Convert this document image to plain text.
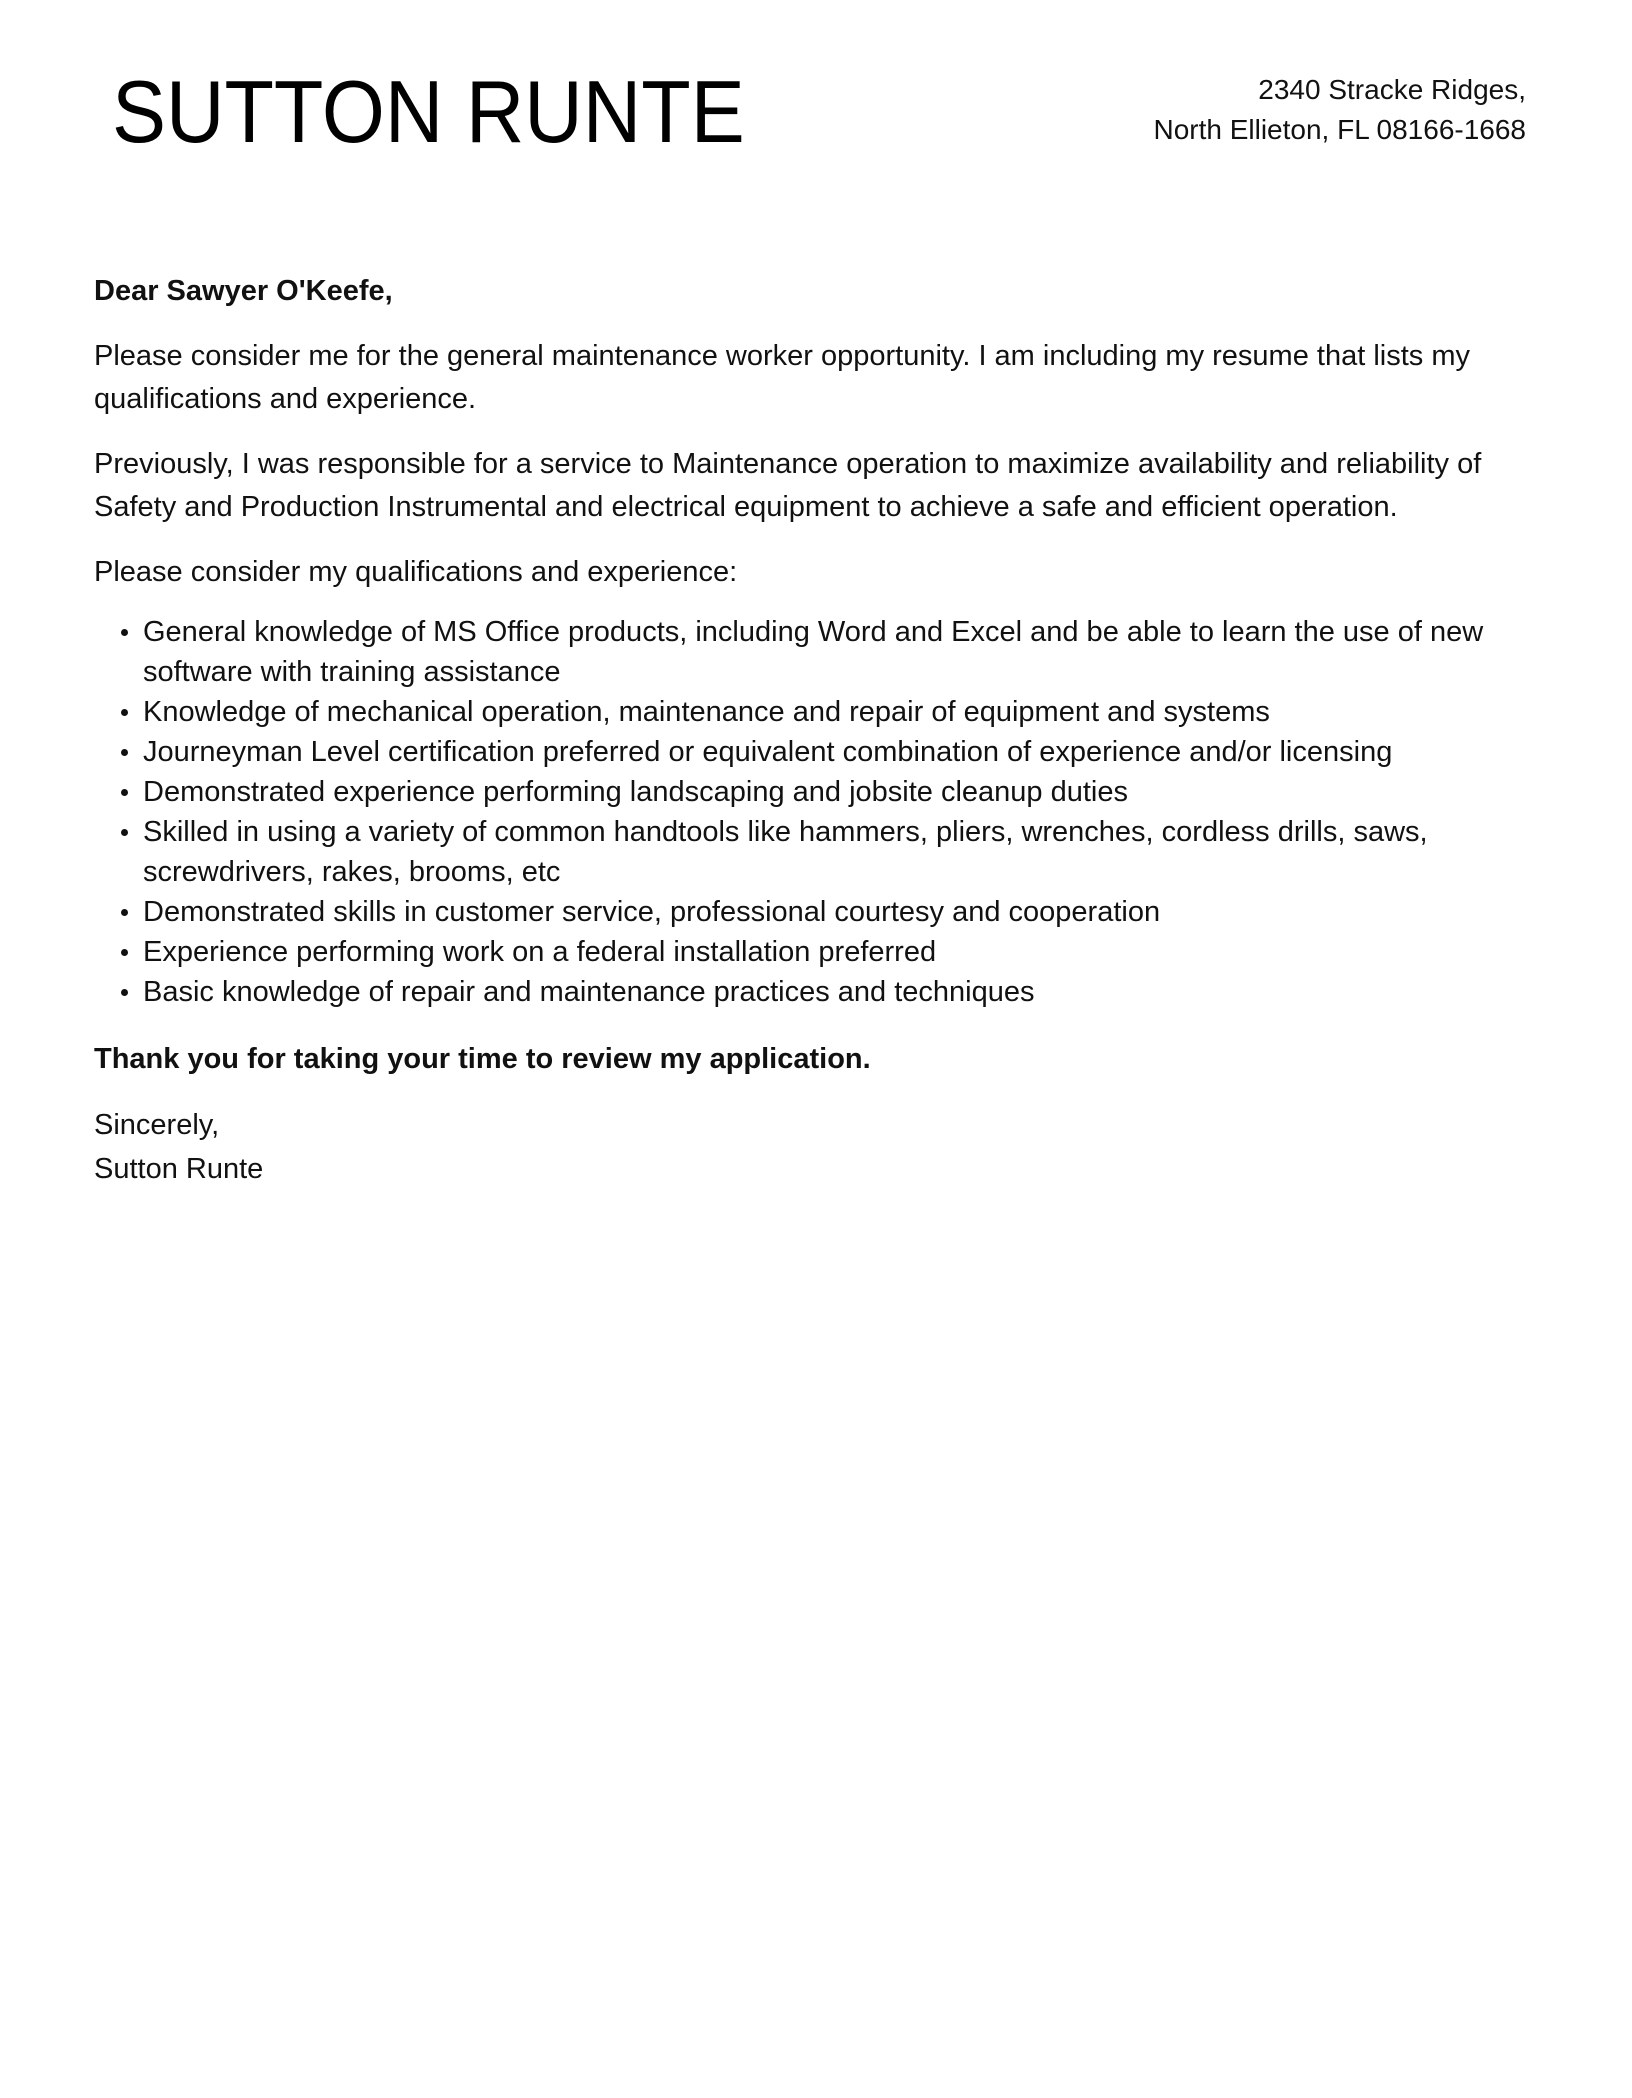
SUTTON RUNTE	2340 Stracke Ridges,
North Ellieton, FL 08166-1668

Dear Sawyer O'Keefe,

Please consider me for the general maintenance worker opportunity. I am including my resume that lists my qualifications and experience.

Previously, I was responsible for a service to Maintenance operation to maximize availability and reliability of Safety and Production Instrumental and electrical equipment to achieve a safe and efficient operation.

Please consider my qualifications and experience:

General knowledge of MS Office products, including Word and Excel and be able to learn the use of new software with training assistance
Knowledge of mechanical operation, maintenance and repair of equipment and systems
Journeyman Level certification preferred or equivalent combination of experience and/or licensing
Demonstrated experience performing landscaping and jobsite cleanup duties
Skilled in using a variety of common handtools like hammers, pliers, wrenches, cordless drills, saws, screwdrivers, rakes, brooms, etc
Demonstrated skills in customer service, professional courtesy and cooperation
Experience performing work on a federal installation preferred
Basic knowledge of repair and maintenance practices and techniques

Thank you for taking your time to review my application.

Sincerely,

Sutton Runte
